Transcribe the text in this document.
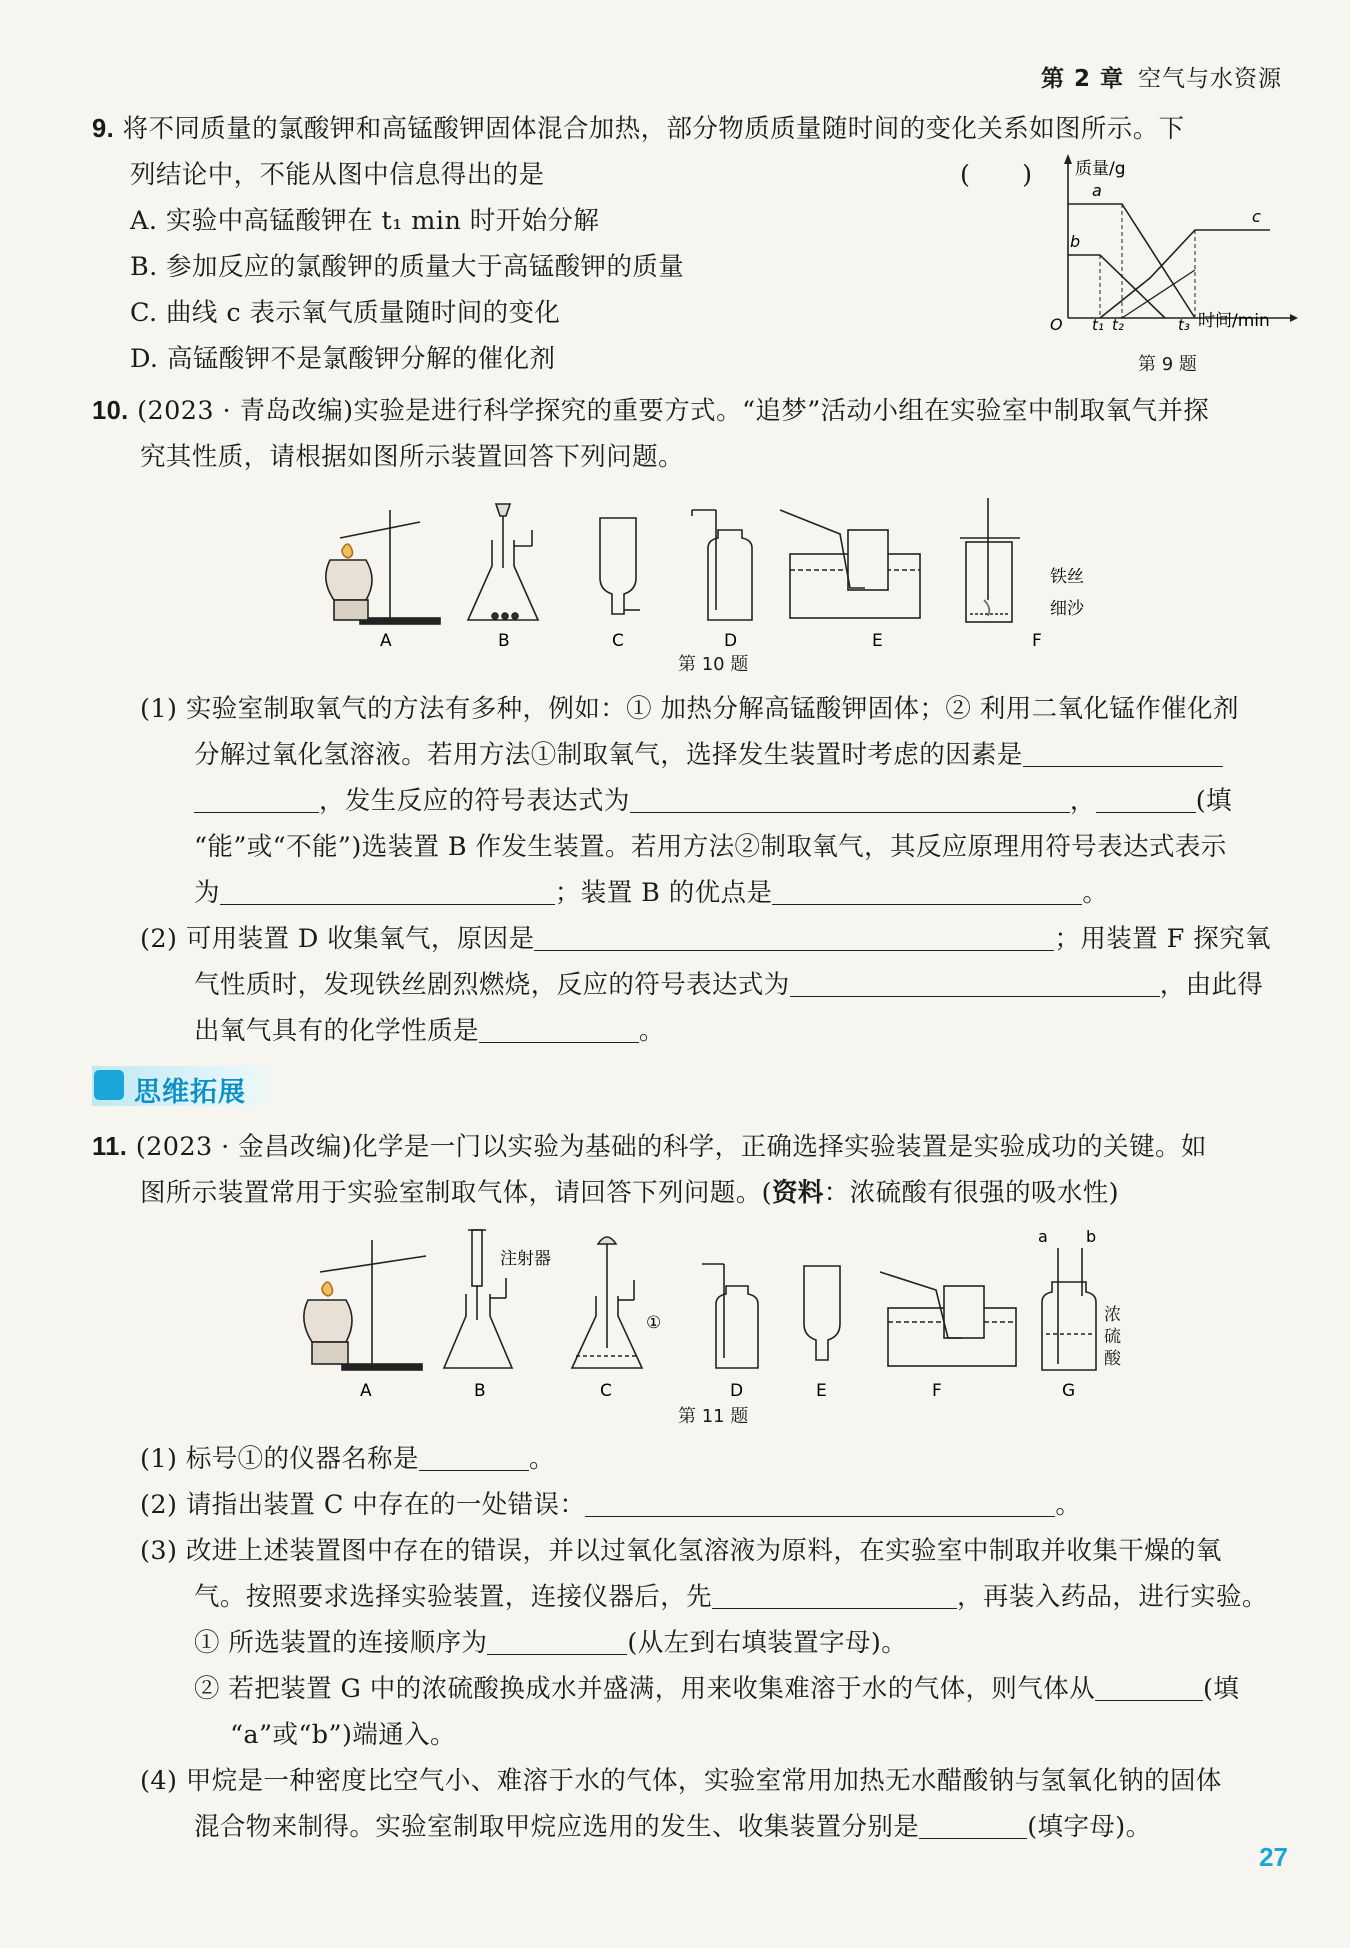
第 2 章 空气与水资源
9. 将不同质量的氯酸钾和高锰酸钾固体混合加热，部分物质质量随时间的变化关系如图所示。下
列结论中，不能从图中信息得出的是	(　　)
A. 实验中高锰酸钾在 t₁ min 时开始分解
B. 参加反应的氯酸钾的质量大于高锰酸钾的质量
C. 曲线 c 表示氧气质量随时间的变化
D. 高锰酸钾不是氯酸钾分解的催化剂
质量/g
时间/min
O t₁ t₂	t₃
a
b
c
第 9 题
10. (2023 · 青岛改编)实验是进行科学探究的重要方式。“追梦”活动小组在实验室中制取氧气并探
究其性质，请根据如图所示装置回答下列问题。
A	B	C	D	E	F
铁丝
细沙
第 10 题
(1) 实验室制取氧气的方法有多种，例如：① 加热分解高锰酸钾固体；② 利用二氧化锰作催化剂
分解过氧化氢溶液。若用方法①制取氧气，选择发生装置时考虑的因素是
，发生反应的符号表达式为	，	(填
“能”或“不能”)选装置 B 作发生装置。若用方法②制取氧气，其反应原理用符号表达式表示
为	；装置 B 的优点是	。
(2) 可用装置 D 收集氧气，原因是	；用装置 F 探究氧
气性质时，发现铁丝剧烈燃烧，反应的符号表达式为	，由此得
出氧气具有的化学性质是	。
思维拓展
11. (2023 · 金昌改编)化学是一门以实验为基础的科学，正确选择实验装置是实验成功的关键。如
图所示装置常用于实验室制取气体，请回答下列问题。(资料：浓硫酸有很强的吸水性)
注射器
①
a b
A	B	C	D	E	F	G
浓硫酸
第 11 题
(1) 标号①的仪器名称是	。
(2) 请指出装置 C 中存在的一处错误：	。
(3) 改进上述装置图中存在的错误，并以过氧化氢溶液为原料，在实验室中制取并收集干燥的氧
气。按照要求选择实验装置，连接仪器后，先	，再装入药品，进行实验。
① 所选装置的连接顺序为	(从左到右填装置字母)。
② 若把装置 G 中的浓硫酸换成水并盛满，用来收集难溶于水的气体，则气体从	(填
“a”或“b”)端通入。
(4) 甲烷是一种密度比空气小、难溶于水的气体，实验室常用加热无水醋酸钠与氢氧化钠的固体
混合物来制得。实验室制取甲烷应选用的发生、收集装置分别是	(填字母)。
27
